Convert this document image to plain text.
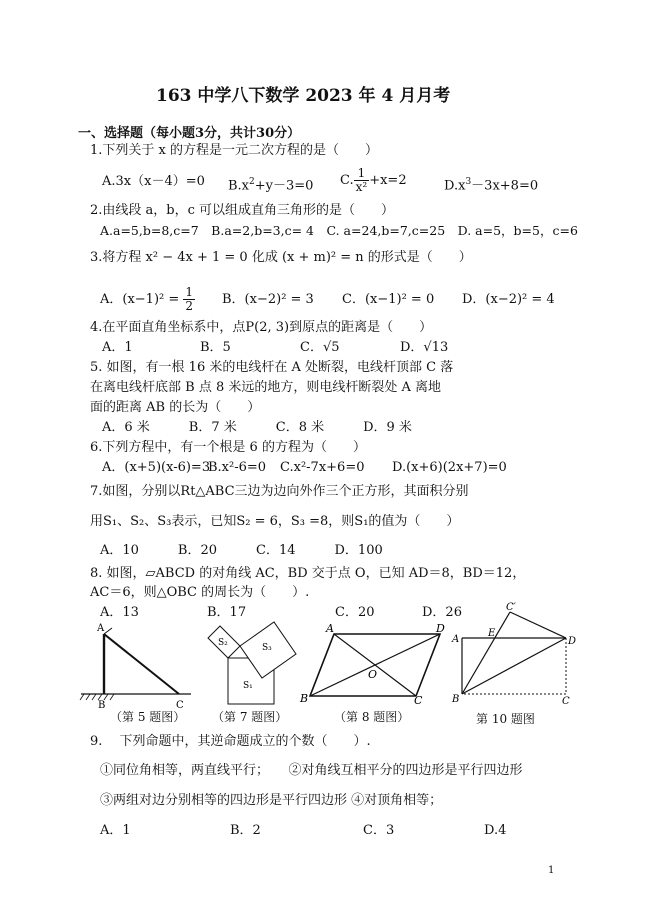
163 中学八下数学 2023 年 4 月月考
一、选择题（每小题3分，共计30分）
1.下列关于 x 的方程是一元二次方程的是（　　）
A.3x（x－4）=0 $B.x^2+y-3=0$ C. $\frac{1}{\text{x²}} +x=2$	$D.x^3-3x+8=0$
2.由线段 a，b，c 可以组成直角三角形的是（　　）
A.a=5,b=8,c=7　B.a=2,b=3,c= 4　C. a=24,b=7,c=25　D. a=5，b=5，c=6
3.将方程 x² − 4x + 1 = 0 化成 (x + m)² = n 的形式是（　　）
A．$(x-1)^2 = \frac{1}{2}$ B．(x−2)² = 3 C．(x−1)² = 0 D．(x−2)² = 4
4.在平面直角坐标系中，点P(2, 3)到原点的距离是（　　）
A．1	B．5	C．√5	D．√13
5. 如图，有一根 16 米的电线杆在 A 处断裂，电线杆顶部 C 落
在离电线杆底部 B 点 8 米远的地方，则电线杆断裂处 A 离地
面的距离 AB 的长为（　　）
A．6 米　　　B．7 米　　　C．8 米　　　D．9 米
6.下列方程中，有一个根是 6 的方程为（　　）
A．(x+5)(x-6)=3
B.x²-6=0 C.x²-7x+6=0 D.(x+6)(2x+7)=0
7.如图，分别以Rt△ABC三边为边向外作三个正方形，其面积分别
用S₁、S₂、S₃表示，已知S₂ = 6，S₃ =8，则S₁的值为（　　）
A．10　　　B．20　　　C．14　　　D．100
8. 如图，▱ABCD 的对角线 AC，BD 交于点 O，已知 AD＝8，BD＝12，
AC＝6，则△OBC 的周长为（　　）.
A．13	B．17	C．20	D．26
A
B	C
（第 5 题图）
S₁
S₂	S₃
（第 7 题图）
A	D
B	C
O
（第 8 题图）
A
B	C
D
E
C′
第 10 题图
9.　 下列命题中，其逆命题成立的个数（　　）.
①同位角相等，两直线平行；　　②对角线互相平分的四边形是平行四边形
③两组对边分别相等的四边形是平行四边形 ④对顶角相等；
A．1	B．2	C．3	D.4
1
